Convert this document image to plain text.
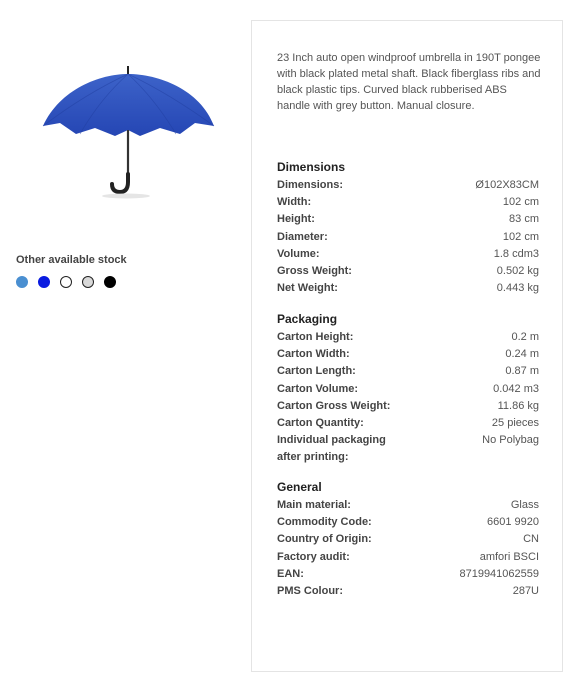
Other available stock
23 Inch auto open windproof umbrella in 190T pongee with black plated metal shaft. Black fiberglass ribs and black plastic tips. Curved black rubberised ABS handle with grey button. Manual closure.
Dimensions
Dimensions:	Ø102X83CM
Width:	102 cm
Height:	83 cm
Diameter:	102 cm
Volume:	1.8 cdm3
Gross Weight:	0.502 kg
Net Weight:	0.443 kg
Packaging
Carton Height:	0.2 m
Carton Width:	0.24 m
Carton Length:	0.87 m
Carton Volume:	0.042 m3
Carton Gross Weight:	11.86 kg
Carton Quantity:	25 pieces
Individual packaging after printing:
No Polybag
General
Main material:	Glass
Commodity Code:	6601 9920
Country of Origin:	CN
Factory audit:	amfori BSCI
EAN:	8719941062559
PMS Colour:	287U
